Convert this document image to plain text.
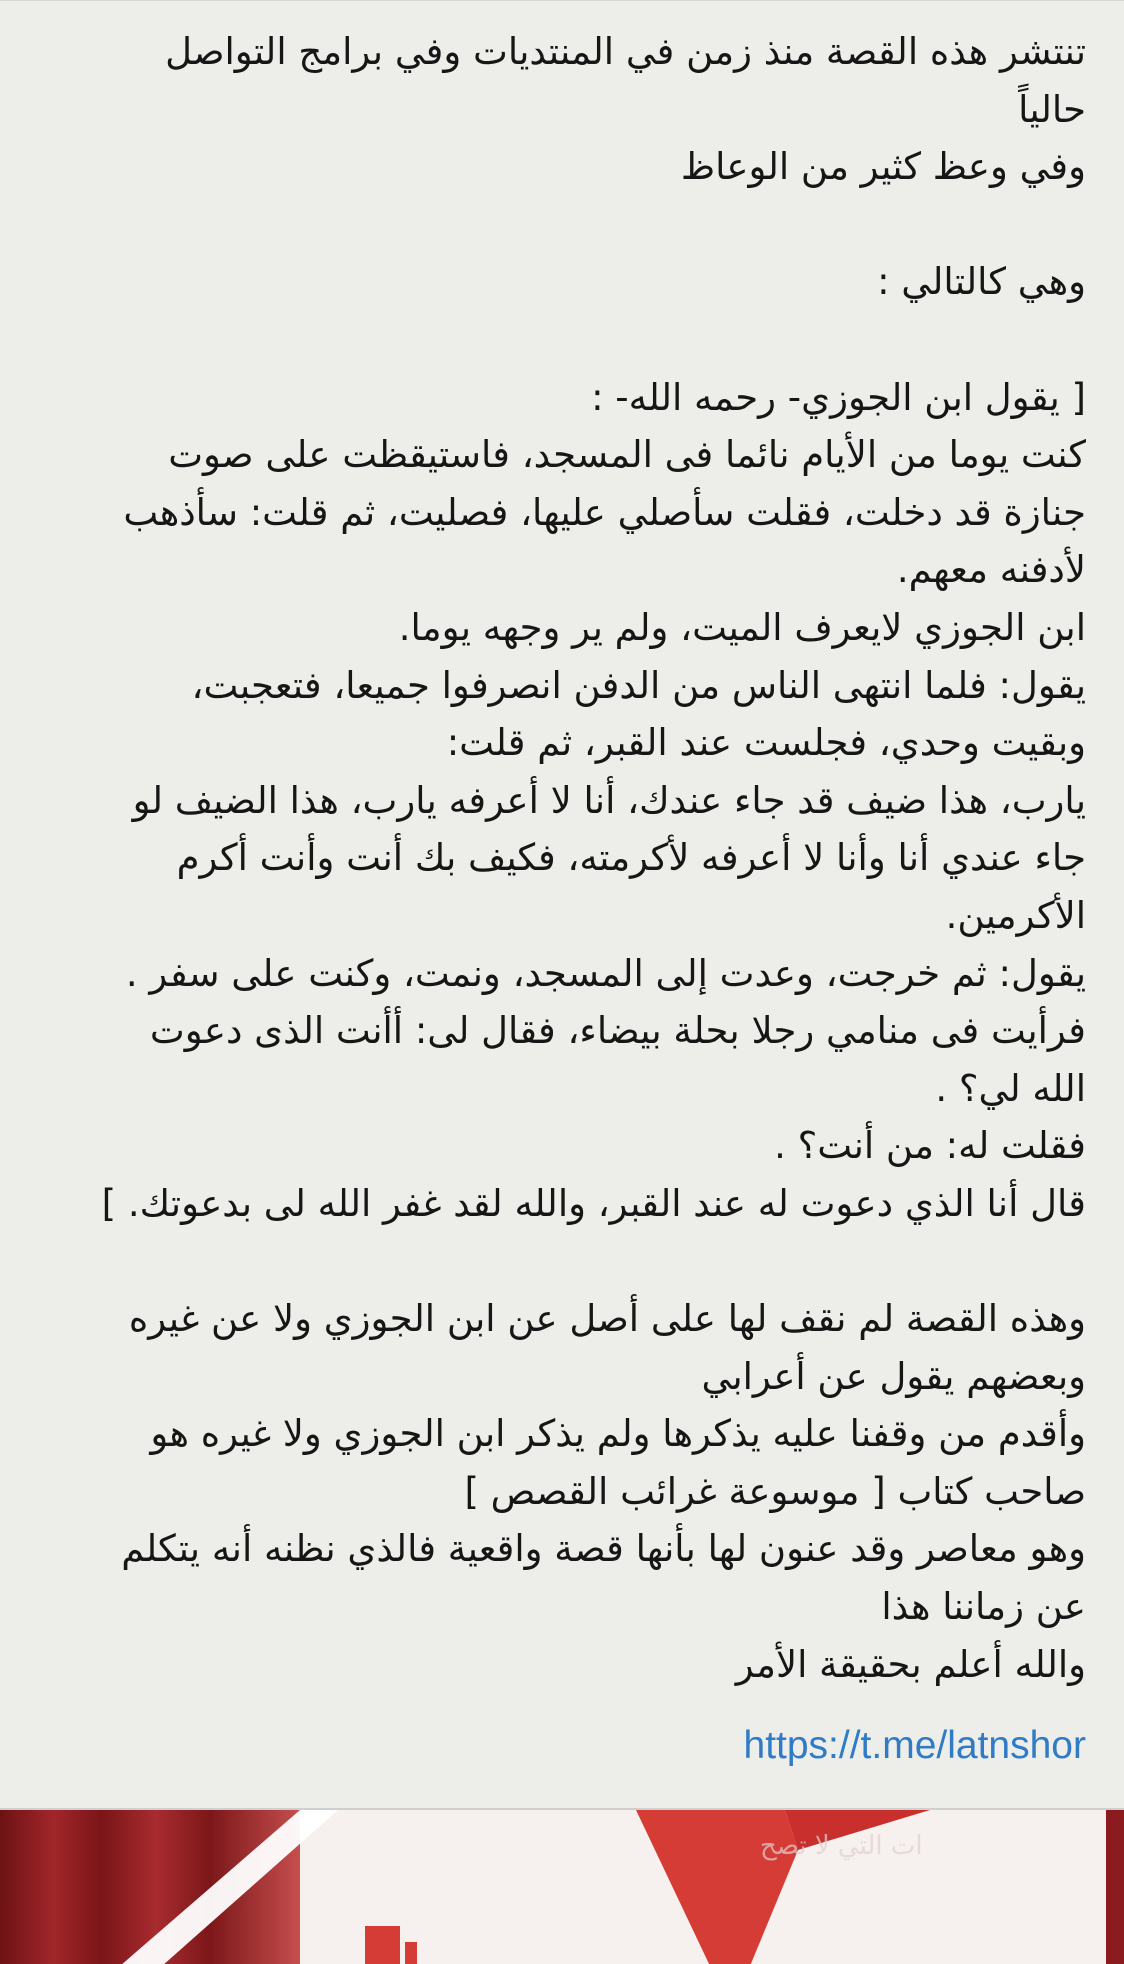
تنتشر هذه القصة منذ زمن في المنتديات وفي برامج التواصل
حالياً
وفي وعظ كثير من الوعاظ
وهي كالتالي :
[ يقول ابن الجوزي- رحمه الله- :
كنت يوما من الأيام نائما فى المسجد، فاستيقظت على صوت
جنازة قد دخلت، فقلت سأصلي عليها، فصليت، ثم قلت: سأذهب
لأدفنه معهم.
ابن الجوزي لايعرف الميت، ولم ير وجهه يوما.
يقول: فلما انتهى الناس من الدفن انصرفوا جميعا، فتعجبت،
وبقيت وحدي، فجلست عند القبر، ثم قلت:
يارب، هذا ضيف قد جاء عندك، أنا لا أعرفه يارب، هذا الضيف لو
جاء عندي أنا وأنا لا أعرفه لأكرمته، فكيف بك أنت وأنت أكرم
الأكرمين.
يقول: ثم خرجت، وعدت إلى المسجد، ونمت، وكنت على سفر .
فرأيت فى منامي رجلا بحلة بيضاء، فقال لى: أأنت الذى دعوت
الله لي؟ .
فقلت له: من أنت؟ .
قال أنا الذي دعوت له عند القبر، والله لقد غفر الله لى بدعوتك. ]
وهذه القصة لم نقف لها على أصل عن ابن الجوزي ولا عن غيره
وبعضهم يقول عن أعرابي
وأقدم من وقفنا عليه يذكرها ولم يذكر ابن الجوزي ولا غيره هو
صاحب كتاب [ موسوعة غرائب القصص ]
وهو معاصر وقد عنون لها بأنها قصة واقعية فالذي نظنه أنه يتكلم
عن زماننا هذا
والله أعلم بحقيقة الأمر
https://t.me/latnshor
ات التي لا تصح
